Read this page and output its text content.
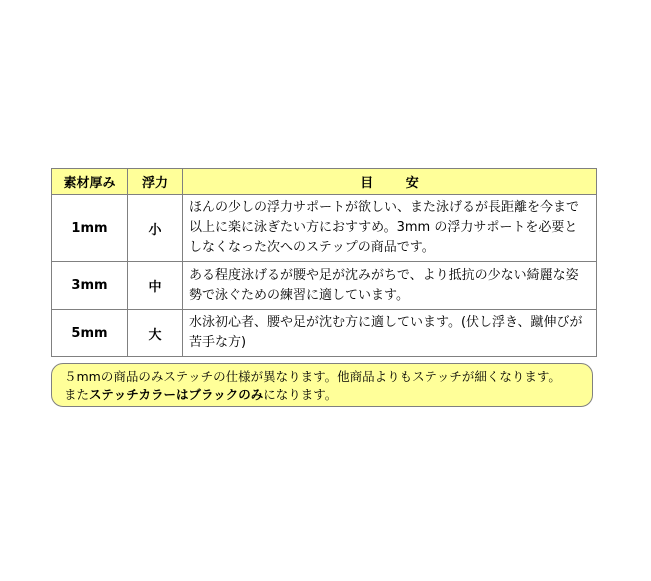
素材厚み	浮力	目 安
1mm	小	ほんの少しの浮力サポートが欲しい、また泳げるが長距離を今まで以上に楽に泳ぎたい方におすすめ。3mm の浮力サポートを必要としなくなった次へのステップの商品です。
3mm	中	ある程度泳げるが腰や足が沈みがちで、より抵抗の少ない綺麗な姿勢で泳ぐための練習に適しています。
5mm	大	水泳初心者、腰や足が沈む方に適しています。(伏し浮き、蹴伸びが苦手な方)
５mmの商品のみステッチの仕様が異なります。他商品よりもステッチが細くなります。
またステッチカラーはブラックのみになります。
